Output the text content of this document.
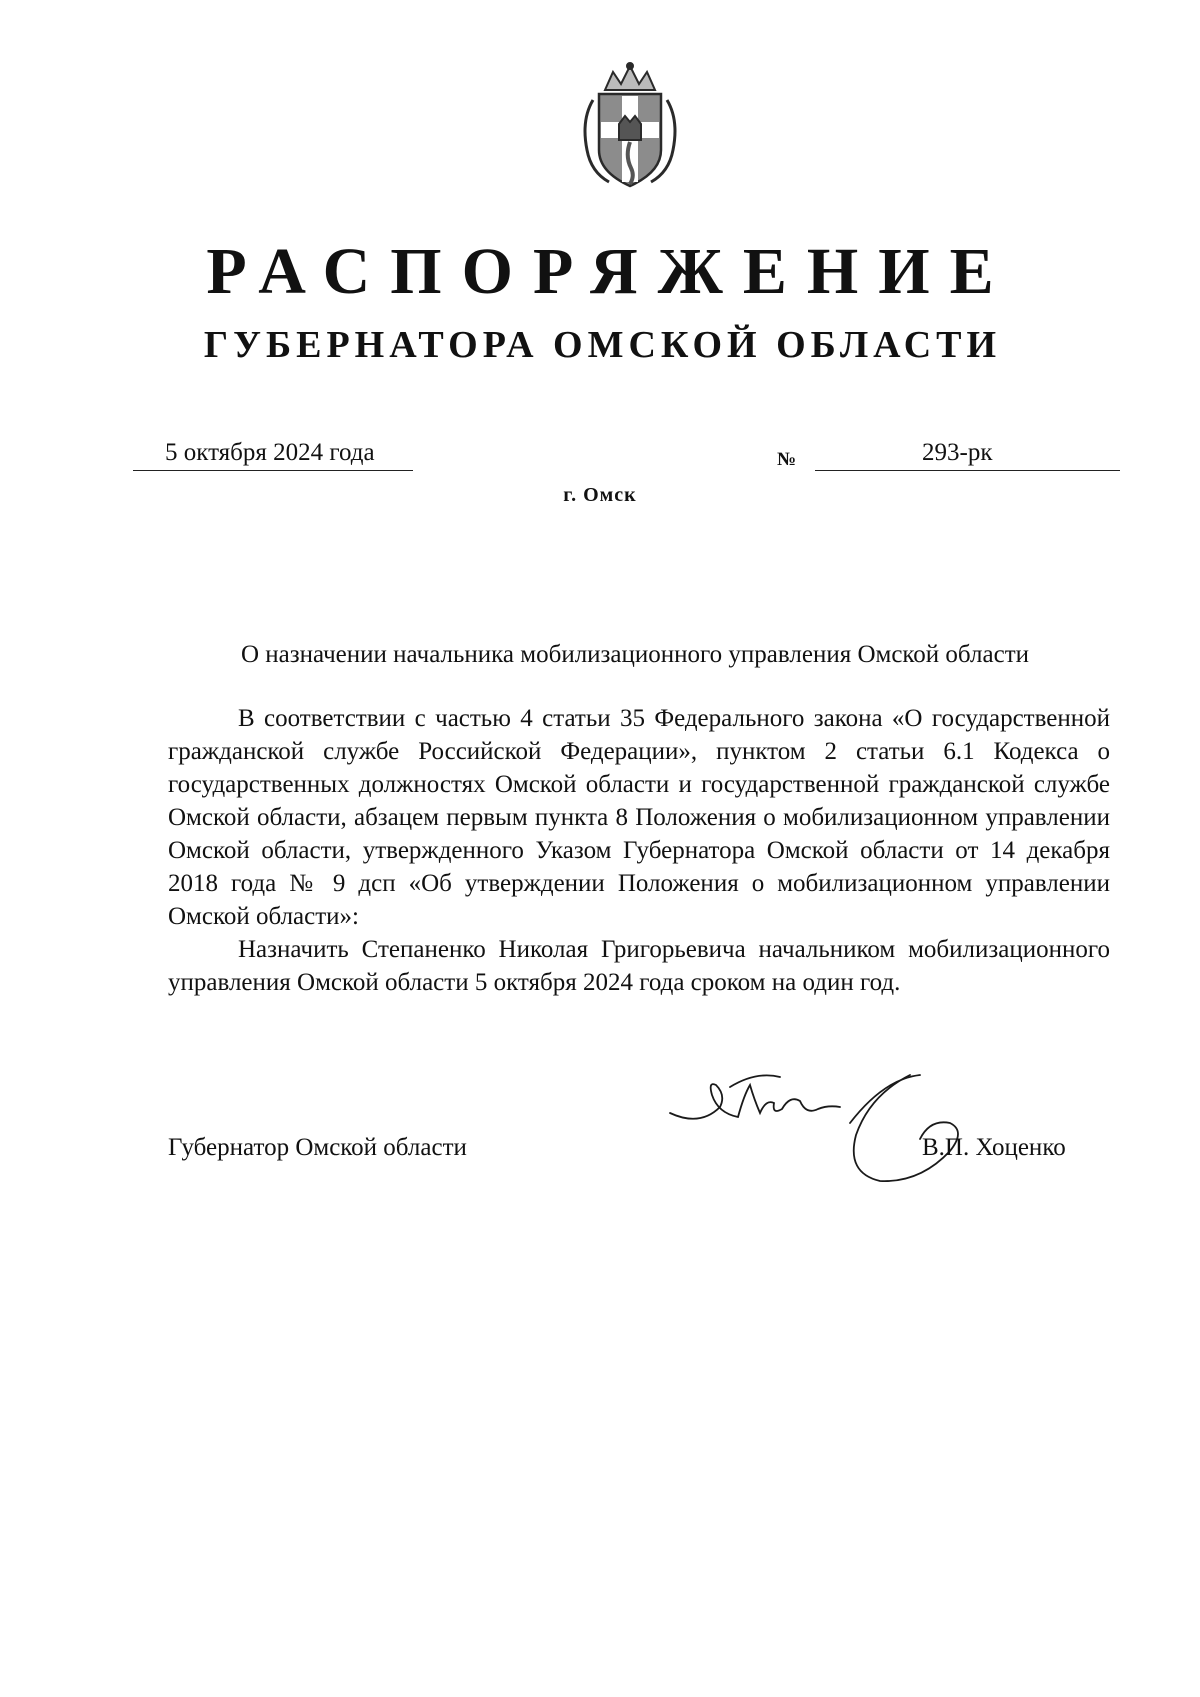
РАСПОРЯЖЕНИЕ
ГУБЕРНАТОРА ОМСКОЙ ОБЛАСТИ
5 октября 2024 года	№	293-рк
г. Омск
О назначении начальника мобилизационного управления Омской области

В соответствии с частью 4 статьи 35 Федерального закона «О государственной гражданской службе Российской Федерации», пунктом 2 статьи 6.1 Кодекса о государственных должностях Омской области и государственной гражданской службе Омской области, абзацем первым пункта 8 Положения о мобилизационном управлении Омской области, утвержденного Указом Губернатора Омской области от 14 декабря 2018 года № 9 дсп «Об утверждении Положения о мобилизационном управлении Омской области»:

Назначить Степаненко Николая Григорьевича начальником мобилизационного управления Омской области 5 октября 2024 года сроком на один год.

Губернатор Омской области	В.П. Хоценко
